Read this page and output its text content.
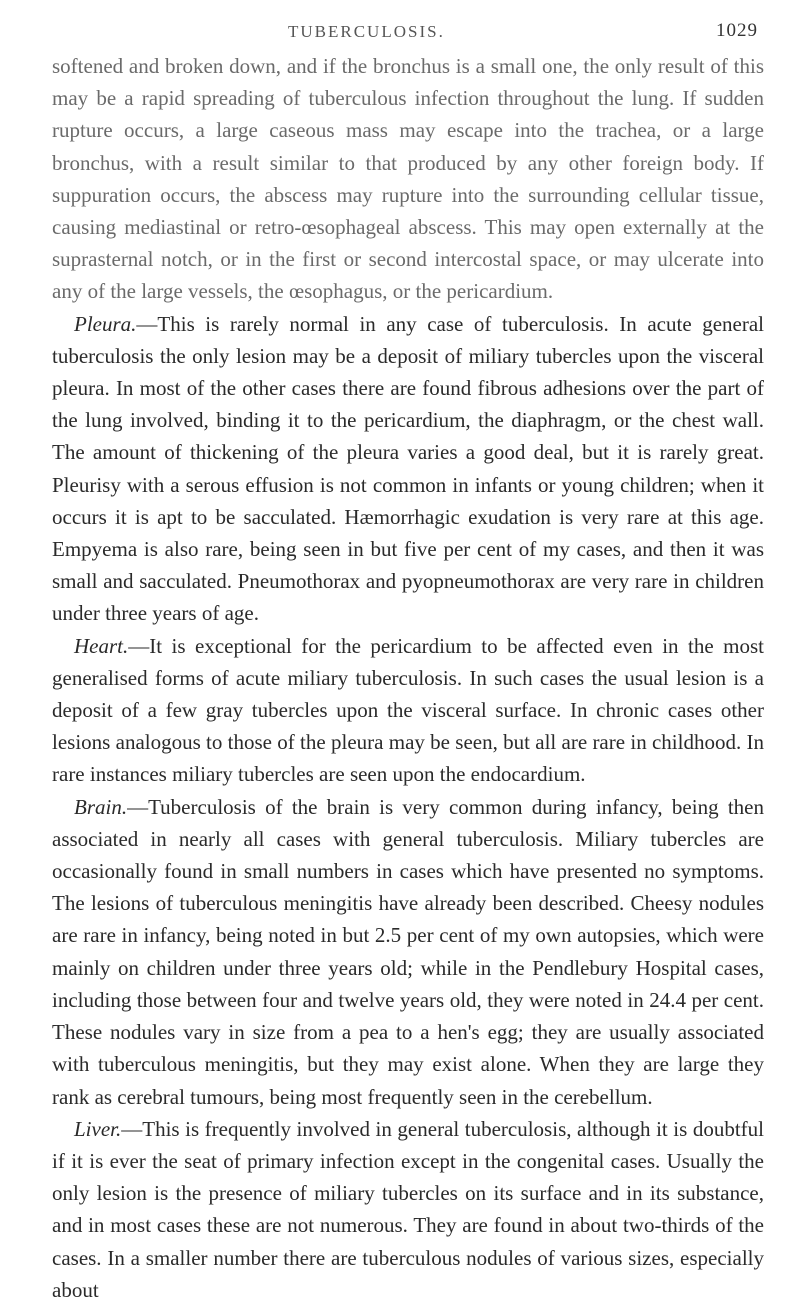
TUBERCULOSIS.	1029

softened and broken down, and if the bronchus is a small one, the only result of this may be a rapid spreading of tuberculous infection throughout the lung. If sudden rupture occurs, a large caseous mass may escape into the trachea, or a large bronchus, with a result similar to that produced by any other foreign body. If suppuration occurs, the abscess may rupture into the surrounding cellular tissue, causing mediastinal or retro-œsophageal abscess. This may open externally at the suprasternal notch, or in the first or second intercostal space, or may ulcerate into any of the large vessels, the œsophagus, or the pericardium.

Pleura.—This is rarely normal in any case of tuberculosis. In acute general tuberculosis the only lesion may be a deposit of miliary tubercles upon the visceral pleura. In most of the other cases there are found fibrous adhesions over the part of the lung involved, binding it to the pericardium, the diaphragm, or the chest wall. The amount of thickening of the pleura varies a good deal, but it is rarely great. Pleurisy with a serous effusion is not common in infants or young children; when it occurs it is apt to be sacculated. Hæmorrhagic exudation is very rare at this age. Empyema is also rare, being seen in but five per cent of my cases, and then it was small and sacculated. Pneumothorax and pyopneumothorax are very rare in children under three years of age.

Heart.—It is exceptional for the pericardium to be affected even in the most generalised forms of acute miliary tuberculosis. In such cases the usual lesion is a deposit of a few gray tubercles upon the visceral surface. In chronic cases other lesions analogous to those of the pleura may be seen, but all are rare in childhood. In rare instances miliary tubercles are seen upon the endocardium.

Brain.—Tuberculosis of the brain is very common during infancy, being then associated in nearly all cases with general tuberculosis. Miliary tubercles are occasionally found in small numbers in cases which have presented no symptoms. The lesions of tuberculous meningitis have already been described. Cheesy nodules are rare in infancy, being noted in but 2.5 per cent of my own autopsies, which were mainly on children under three years old; while in the Pendlebury Hospital cases, including those between four and twelve years old, they were noted in 24.4 per cent. These nodules vary in size from a pea to a hen's egg; they are usually associated with tuberculous meningitis, but they may exist alone. When they are large they rank as cerebral tumours, being most frequently seen in the cerebellum.

Liver.—This is frequently involved in general tuberculosis, although it is doubtful if it is ever the seat of primary infection except in the congenital cases. Usually the only lesion is the presence of miliary tubercles on its surface and in its substance, and in most cases these are not numerous. They are found in about two-thirds of the cases. In a smaller number there are tuberculous nodules of various sizes, especially about
